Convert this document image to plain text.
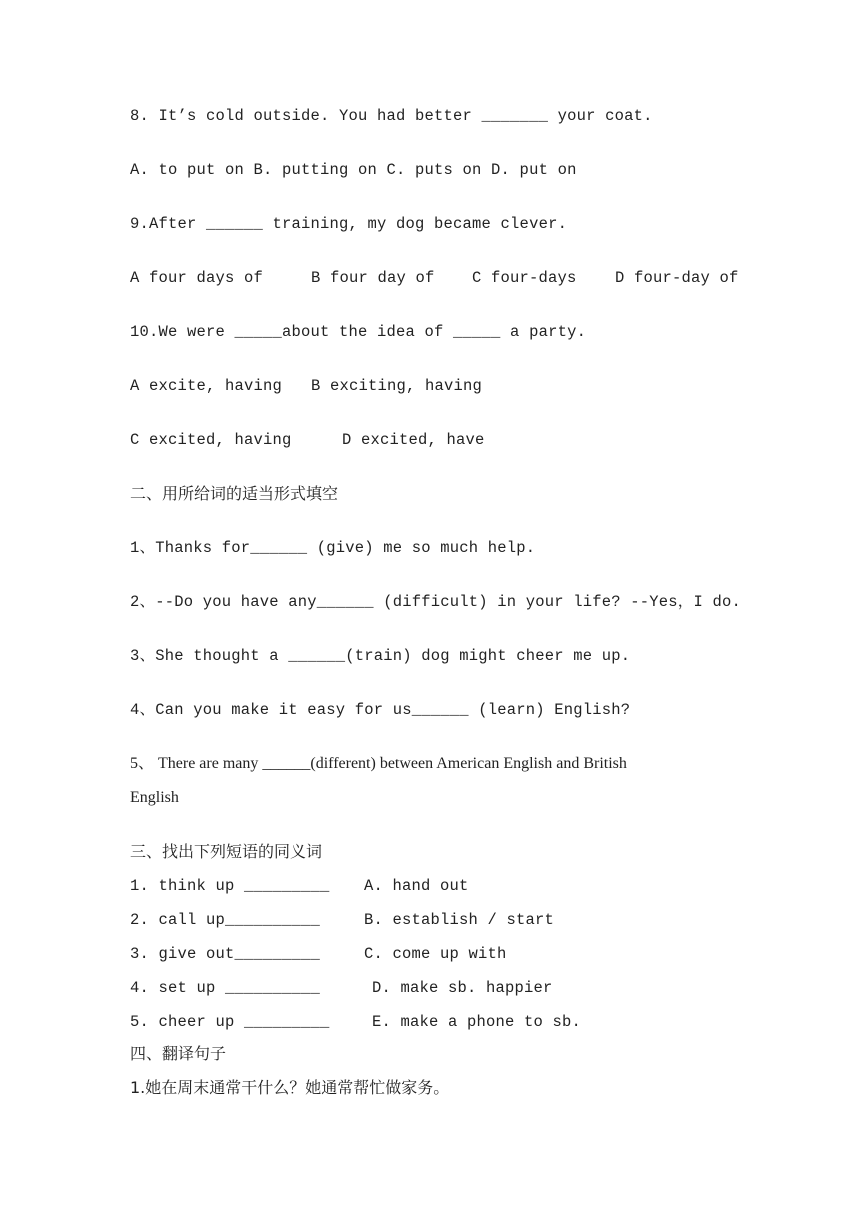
8. It’s cold outside. You had better _______ your coat.
A. to put on B. putting on C. puts on D. put on
9.After ______ training, my dog became clever.
A four days of	B four day of C four-days D four-day of
10.We were _____about the idea of _____ a party.
A excite, having B exciting, having
C excited, having	D excited, have
二、用所给词的适当形式填空
1、Thanks for______ (give) me so much help.
2、--Do you have any______ (difficult) in your life? --Yes，I do.
3、She thought a ______(train) dog might cheer me up.
4、Can you make it easy for us______ (learn) English?
5、 There are many ______(different) between American English and British
English
三、找出下列短语的同义词
1. think up _________
2. call up__________
3. give out_________
4. set up __________
5. cheer up _________
A. hand out
B. establish / start
C. come up with
D. make sb. happier
E. make a phone to sb.
四、翻译句子
1.她在周末通常干什么？她通常帮忙做家务。
